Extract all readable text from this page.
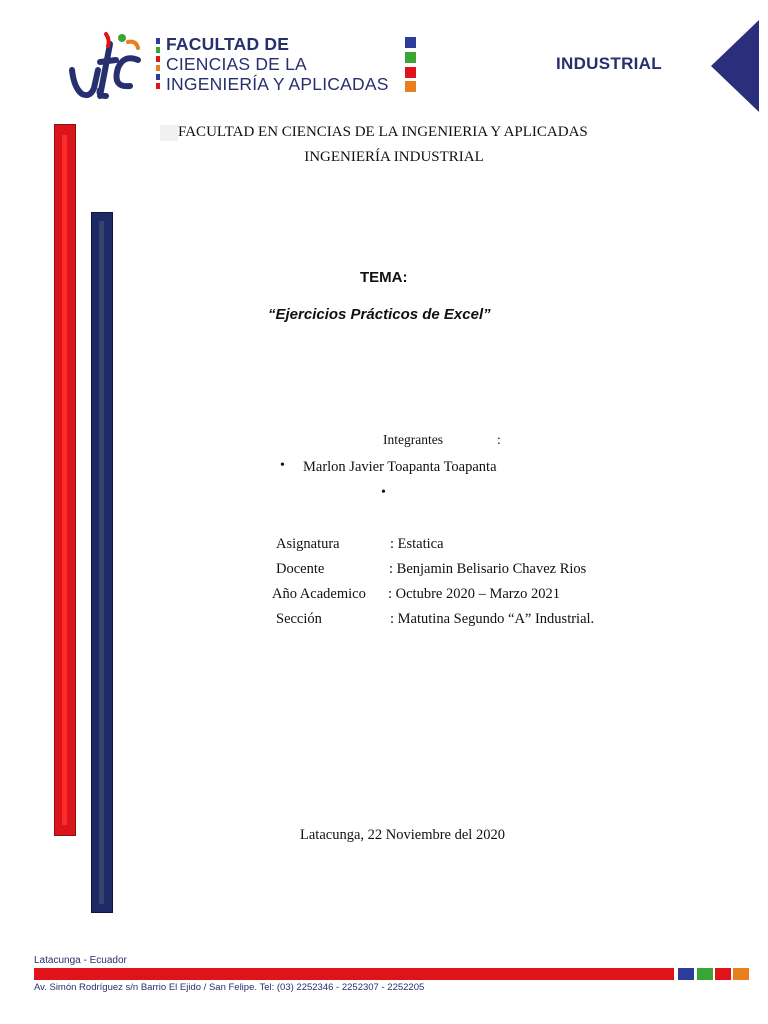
FACULTAD DE
CIENCIAS DE LA
INGENIERÍA Y APLICADAS
INDUSTRIAL
FACULTAD EN CIENCIAS DE LA INGENIERIA Y APLICADAS
INGENIERÍA INDUSTRIAL
TEMA:
“Ejercicios Prácticos de Excel”
Integrantes	:
• Marlon Javier Toapanta Toapanta
•
Asignatura	: Estatica
Docente	: Benjamin Belisario Chavez Rios
Año Academico : Octubre 2020 – Marzo 2021
Sección	: Matutina Segundo “A” Industrial.
Latacunga, 22 Noviembre del 2020
Latacunga - Ecuador
Av. Simón Rodríguez s/n Barrio El Ejido / San Felipe. Tel: (03) 2252346 - 2252307 - 2252205
